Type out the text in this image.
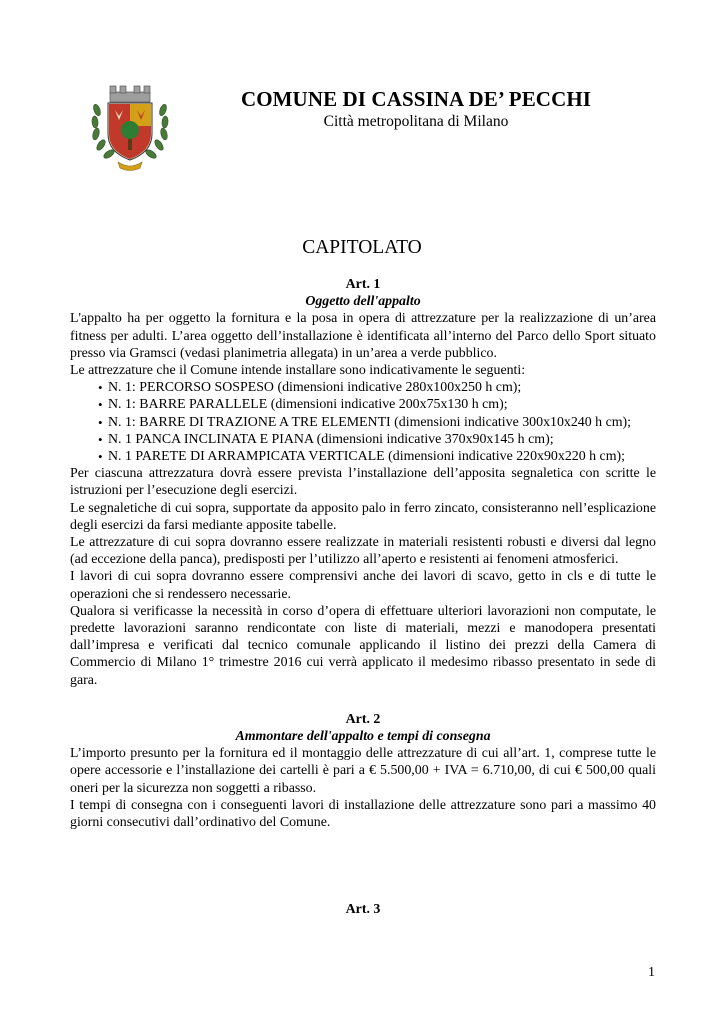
COMUNE DI CASSINA DE’ PECCHI
Città metropolitana di Milano
CAPITOLATO
Art. 1
Oggetto dell'appalto

L'appalto ha per oggetto la fornitura e la posa in opera di attrezzature per la realizzazione di un’area fitness per adulti. L’area oggetto dell’installazione è identificata all’interno del Parco dello Sport situato presso via Gramsci (vedasi planimetria allegata) in un’area a verde pubblico.

Le attrezzature che il Comune intende installare sono indicativamente le seguenti:

• N. 1: PERCORSO SOSPESO (dimensioni indicative 280x100x250 h cm);
• N. 1: BARRE PARALLELE (dimensioni indicative 200x75x130 h cm);
• N. 1: BARRE DI TRAZIONE A TRE ELEMENTI (dimensioni indicative 300x10x240 h cm);
• N. 1 PANCA INCLINATA E PIANA (dimensioni indicative 370x90x145 h cm);
• N. 1 PARETE DI ARRAMPICATA VERTICALE (dimensioni indicative 220x90x220 h cm);

Per ciascuna attrezzatura dovrà essere prevista l’installazione dell’apposita segnaletica con scritte le istruzioni per l’esecuzione degli esercizi.

Le segnaletiche di cui sopra, supportate da apposito palo in ferro zincato, consisteranno nell’esplicazione degli esercizi da farsi mediante apposite tabelle.

Le attrezzature di cui sopra dovranno essere realizzate in materiali resistenti robusti e diversi dal legno (ad eccezione della panca), predisposti per l’utilizzo all’aperto e resistenti ai fenomeni atmosferici.

I lavori di cui sopra dovranno essere comprensivi anche dei lavori di scavo, getto in cls e di tutte le operazioni che si rendessero necessarie.

Qualora si verificasse la necessità in corso d’opera di effettuare ulteriori lavorazioni non computate, le predette lavorazioni saranno rendicontate con liste di materiali, mezzi e manodopera presentati dall’impresa e verificati dal tecnico comunale applicando il listino dei prezzi della Camera di Commercio di Milano 1° trimestre 2016 cui verrà applicato il medesimo ribasso presentato in sede di gara.

Art. 2
Ammontare dell'appalto e tempi di consegna

L’importo presunto per la fornitura ed il montaggio delle attrezzature di cui all’art. 1, comprese tutte le opere accessorie e l’installazione dei cartelli è pari a € 5.500,00 + IVA = 6.710,00, di cui € 500,00 quali oneri per la sicurezza non soggetti a ribasso.

I tempi di consegna con i conseguenti lavori di installazione delle attrezzature sono pari a massimo 40 giorni consecutivi dall’ordinativo del Comune.

Art. 3
1
